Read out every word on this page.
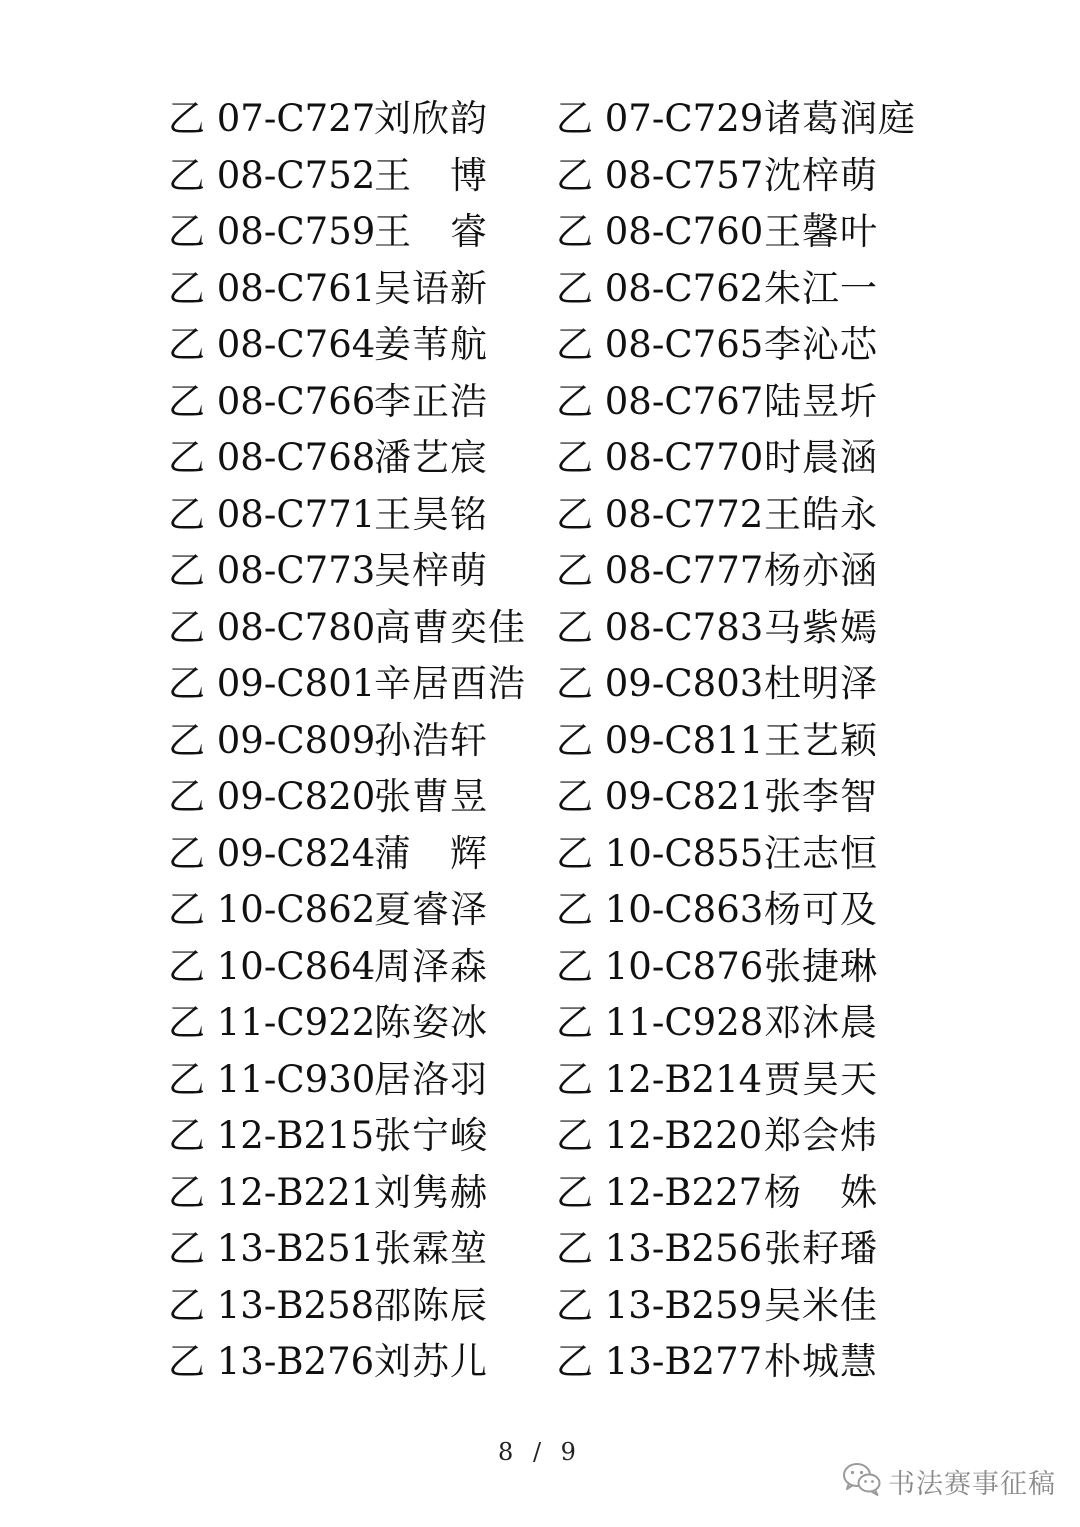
乙 07-C727
刘欣韵 乙 07-C729 诸葛润庭
乙 08-C752
王　博 乙 08-C757 沈梓萌
乙 08-C759
王　睿 乙 08-C760 王馨叶
乙 08-C761
吴语新 乙 08-C762 朱江一
乙 08-C764
姜苇航 乙 08-C765 李沁芯
乙 08-C766
李正浩 乙 08-C767 陆昱圻
乙 08-C768
潘艺宸 乙 08-C770 时晨涵
乙 08-C771
王昊铭 乙 08-C772 王皓永
乙 08-C773
吴梓萌 乙 08-C777 杨亦涵
乙 08-C780
高曹奕佳 乙 08-C783 马紫嫣
乙 09-C801
辛居酉浩 乙 09-C803 杜明泽
乙 09-C809
孙浩轩 乙 09-C811 王艺颖
乙 09-C820
张曹昱 乙 09-C821 张李智
乙 09-C824
蒲　辉 乙 10-C855 汪志恒
乙 10-C862
夏睿泽 乙 10-C863 杨可及
乙 10-C864
周泽森 乙 10-C876 张捷琳
乙 11-C922
陈姿冰 乙 11-C928 邓沐晨
乙 11-C930
居洛羽 乙 12-B214 贾昊天
乙 12-B215 张宁峻 乙 12-B220 郑会炜
乙 12-B221 刘隽赫 乙 12-B227 杨　姝
乙 13-B251 张霖堃 乙 13-B256 张耔璠
乙 13-B258 邵陈辰 乙 13-B259 吴米佳
乙 13-B276 刘苏儿 乙 13-B277 朴城慧
8 / 9
书法赛事征稿
